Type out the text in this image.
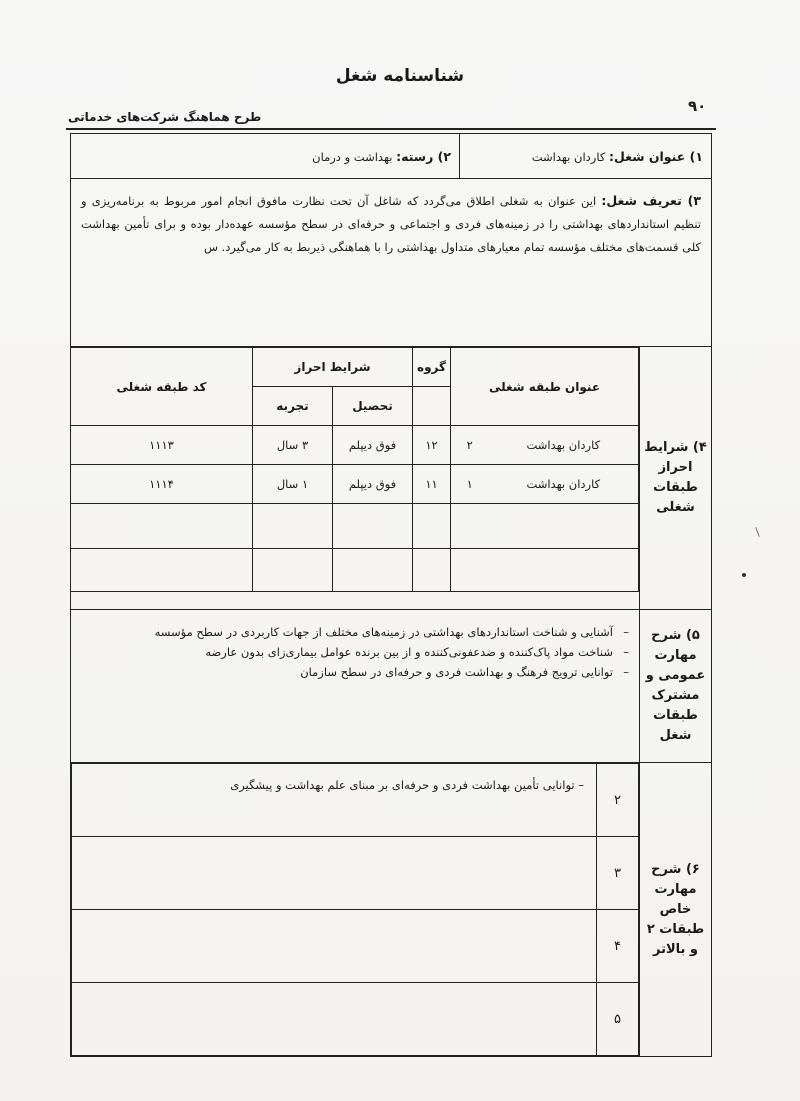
شناسنامه شغل
۹۰
طرح هماهنگ شرکت‌های خدماتی
۱) عنوان شغل: کاردان بهداشت	۲) رسته: بهداشت و درمان
۳) تعریف شغل: این عنوان به شغلی اطلاق می‌گردد که شاغل آن تحت نظارت مافوق انجام امور مربوط به برنامه‌ریزی و تنظیم استانداردهای بهداشتی را در زمینه‌های فردی و اجتماعی و حرفه‌ای در سطح مؤسسه عهده‌دار بوده و برای تأمین بهداشت کلی قسمت‌های مختلف مؤسسه تمام معیارهای متداول بهداشتی را با هماهنگی ذیربط به کار می‌گیرد. س

۴) شرایط
احراز
طبقات
شغلی

عنوان طبقه شغلی	گروه	شرایط احراز	کد طبقه شغلی
	تحصیل	تجربه
کاردان بهداشت	۲	۱۲	فوق دیپلم	۳ سال	۱۱۱۳
کاردان بهداشت	۱	۱۱	فوق دیپلم	۱ سال	۱۱۱۴

۵) شرح
مهارت
عمومی و
مشترک
طبقات
شغل

– آشنایی و شناخت استانداردهای بهداشتی در زمینه‌های مختلف از جهات کاربردی در سطح مؤسسه
– شناخت مواد پاک‌کننده و ضدعفونی‌کننده و از بین برنده عوامل بیماری‌زای بدون عارضه
– توانایی ترویج فرهنگ و بهداشت فردی و حرفه‌ای در سطح سازمان

۶) شرح
مهارت
خاص
طبقات ۲
و بالاتر

۲	– توانایی تأمین بهداشت فردی و حرفه‌ای بر مبنای علم بهداشت و پیشگیری
۳	
۴	
۵	
